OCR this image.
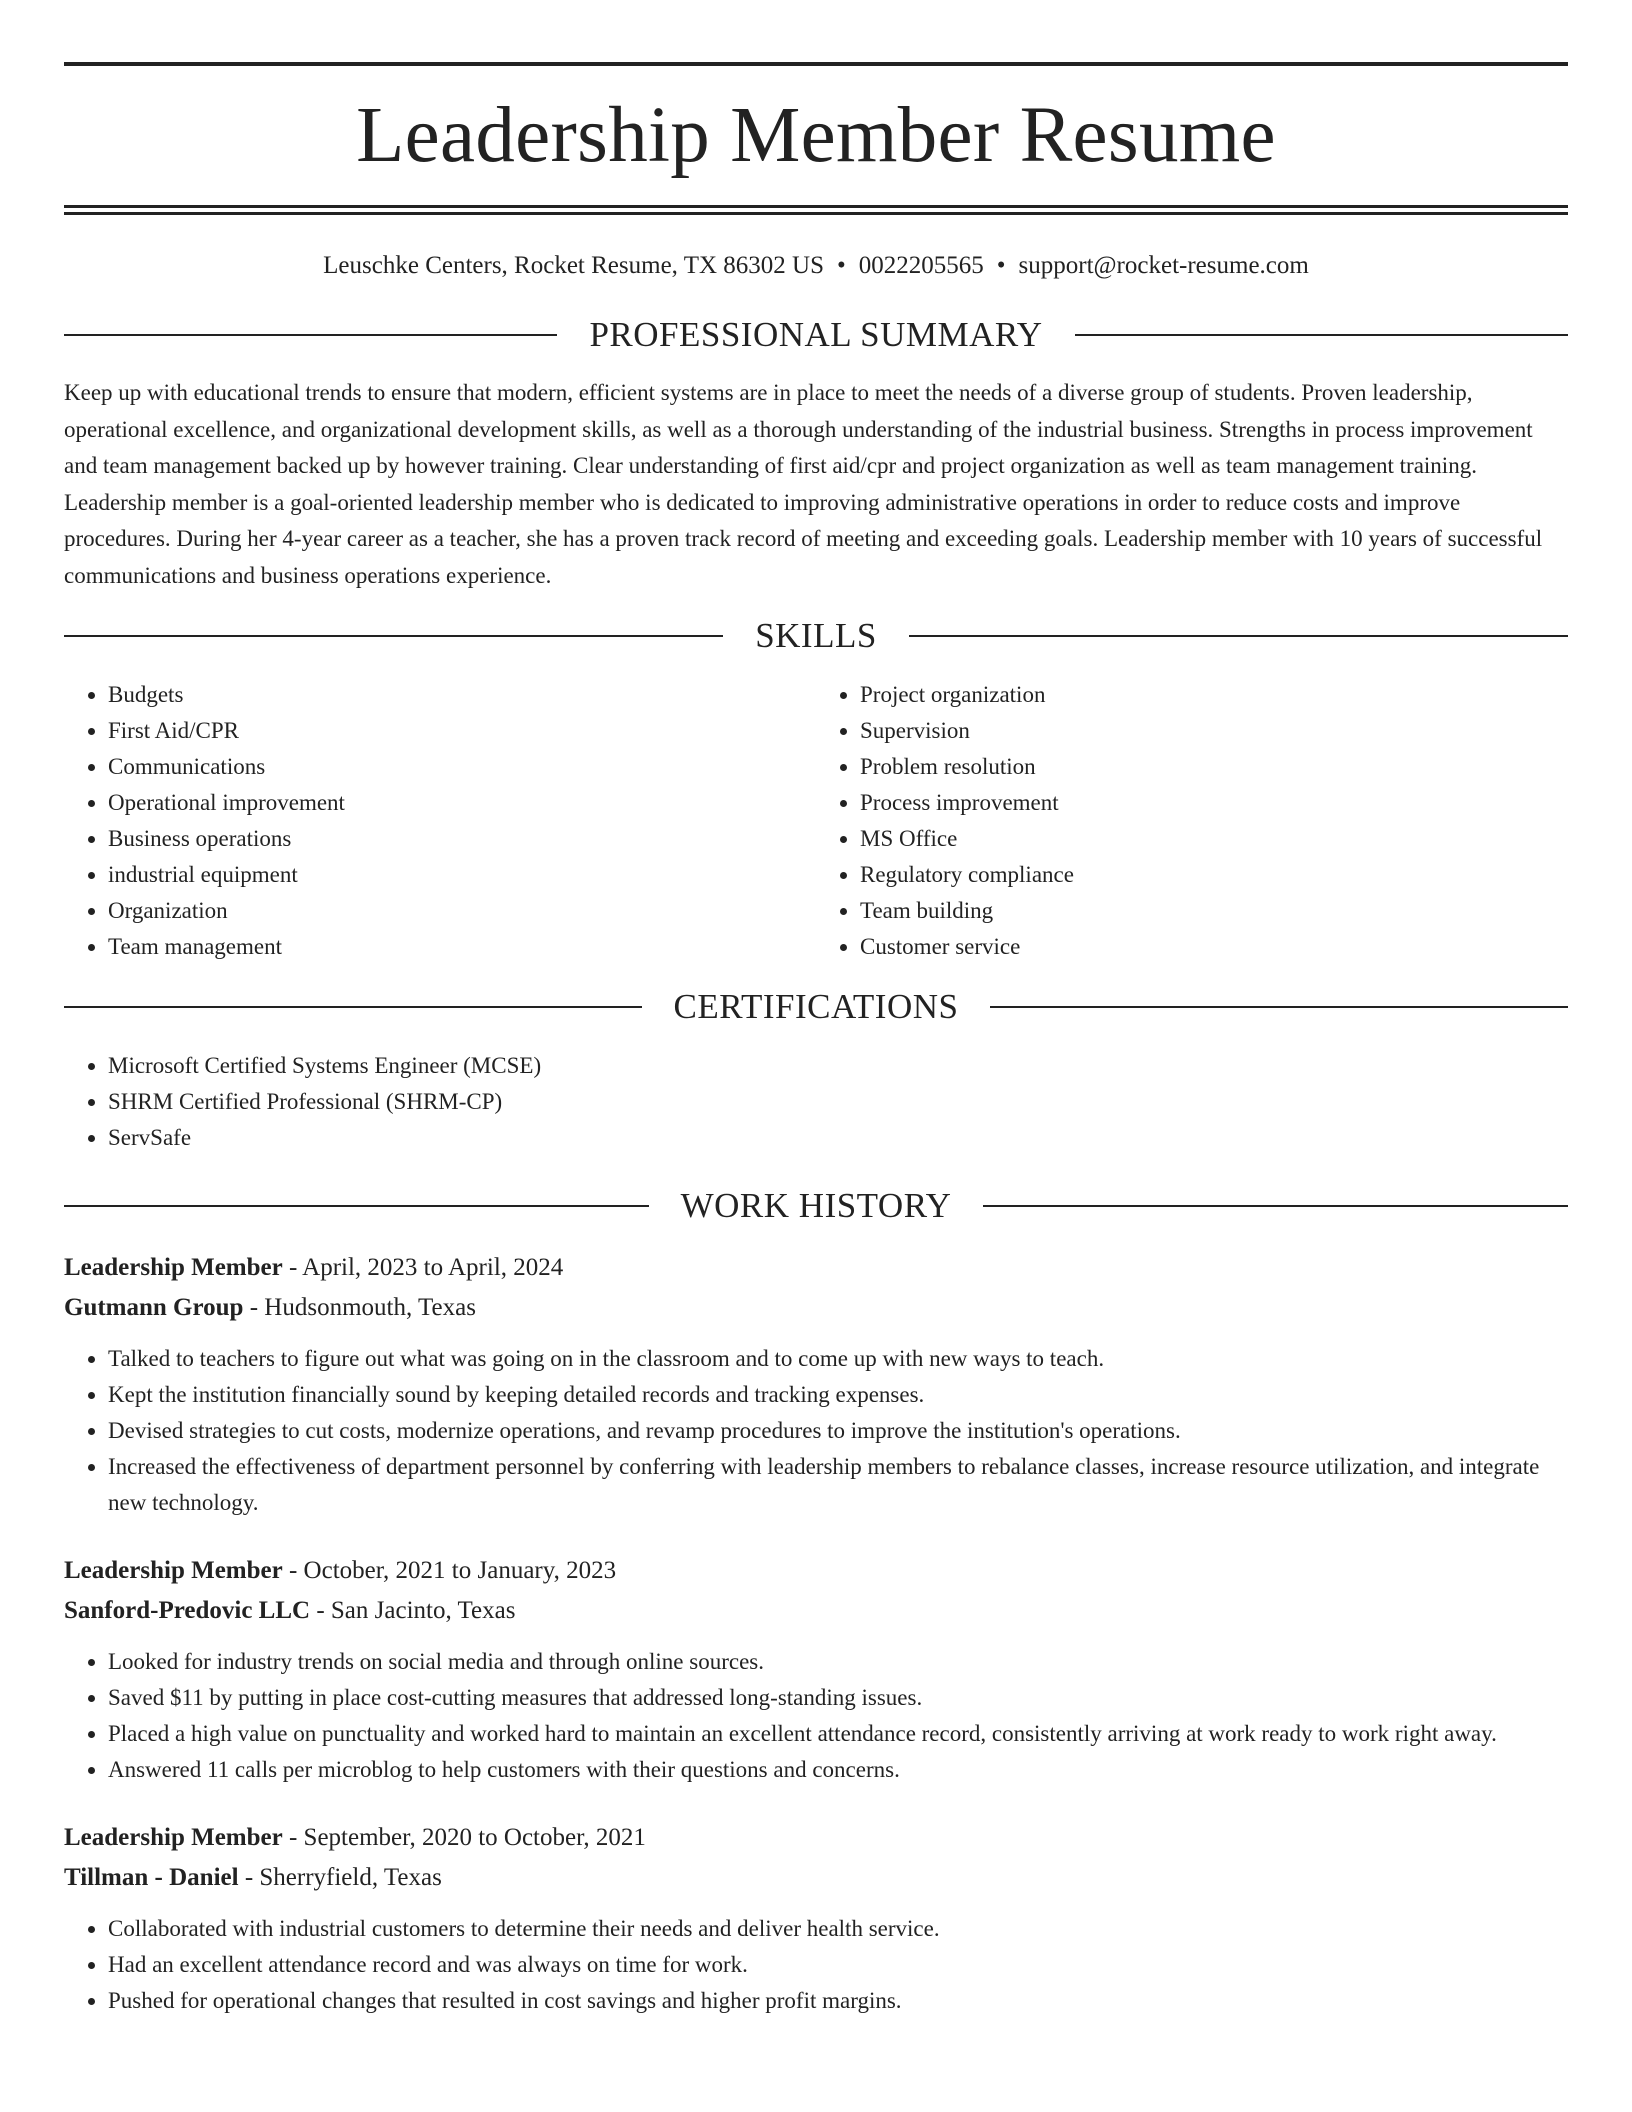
Leadership Member Resume
Leuschke Centers, Rocket Resume, TX 86302 US • 0022205565 • support@rocket-resume.com
PROFESSIONAL SUMMARY

Keep up with educational trends to ensure that modern, efficient systems are in place to meet the needs of a diverse group of students. Proven leadership, operational excellence, and organizational development skills, as well as a thorough understanding of the industrial business. Strengths in process improvement and team management backed up by however training. Clear understanding of first aid/cpr and project organization as well as team management training. Leadership member is a goal-oriented leadership member who is dedicated to improving administrative operations in order to reduce costs and improve procedures. During her 4-year career as a teacher, she has a proven track record of meeting and exceeding goals. Leadership member with 10 years of successful communications and business operations experience.

SKILLS
• Budgets
• First Aid/CPR
• Communications
• Operational improvement
• Business operations
• industrial equipment
• Organization
• Team management
• Project organization
• Supervision
• Problem resolution
• Process improvement
• MS Office
• Regulatory compliance
• Team building
• Customer service
CERTIFICATIONS
• Microsoft Certified Systems Engineer (MCSE)
• SHRM Certified Professional (SHRM-CP)
• ServSafe
WORK HISTORY

Leadership Member - April, 2023 to April, 2024

Gutmann Group - Hudsonmouth, Texas

• Talked to teachers to figure out what was going on in the classroom and to come up with new ways to teach.
• Kept the institution financially sound by keeping detailed records and tracking expenses.
• Devised strategies to cut costs, modernize operations, and revamp procedures to improve the institution's operations.
• Increased the effectiveness of department personnel by conferring with leadership members to rebalance classes, increase resource utilization, and integrate new technology.

Leadership Member - October, 2021 to January, 2023

Sanford-Predovic LLC - San Jacinto, Texas

• Looked for industry trends on social media and through online sources.
• Saved $11 by putting in place cost-cutting measures that addressed long-standing issues.
• Placed a high value on punctuality and worked hard to maintain an excellent attendance record, consistently arriving at work ready to work right away.
• Answered 11 calls per microblog to help customers with their questions and concerns.

Leadership Member - September, 2020 to October, 2021

Tillman - Daniel - Sherryfield, Texas

• Collaborated with industrial customers to determine their needs and deliver health service.
• Had an excellent attendance record and was always on time for work.
• Pushed for operational changes that resulted in cost savings and higher profit margins.
